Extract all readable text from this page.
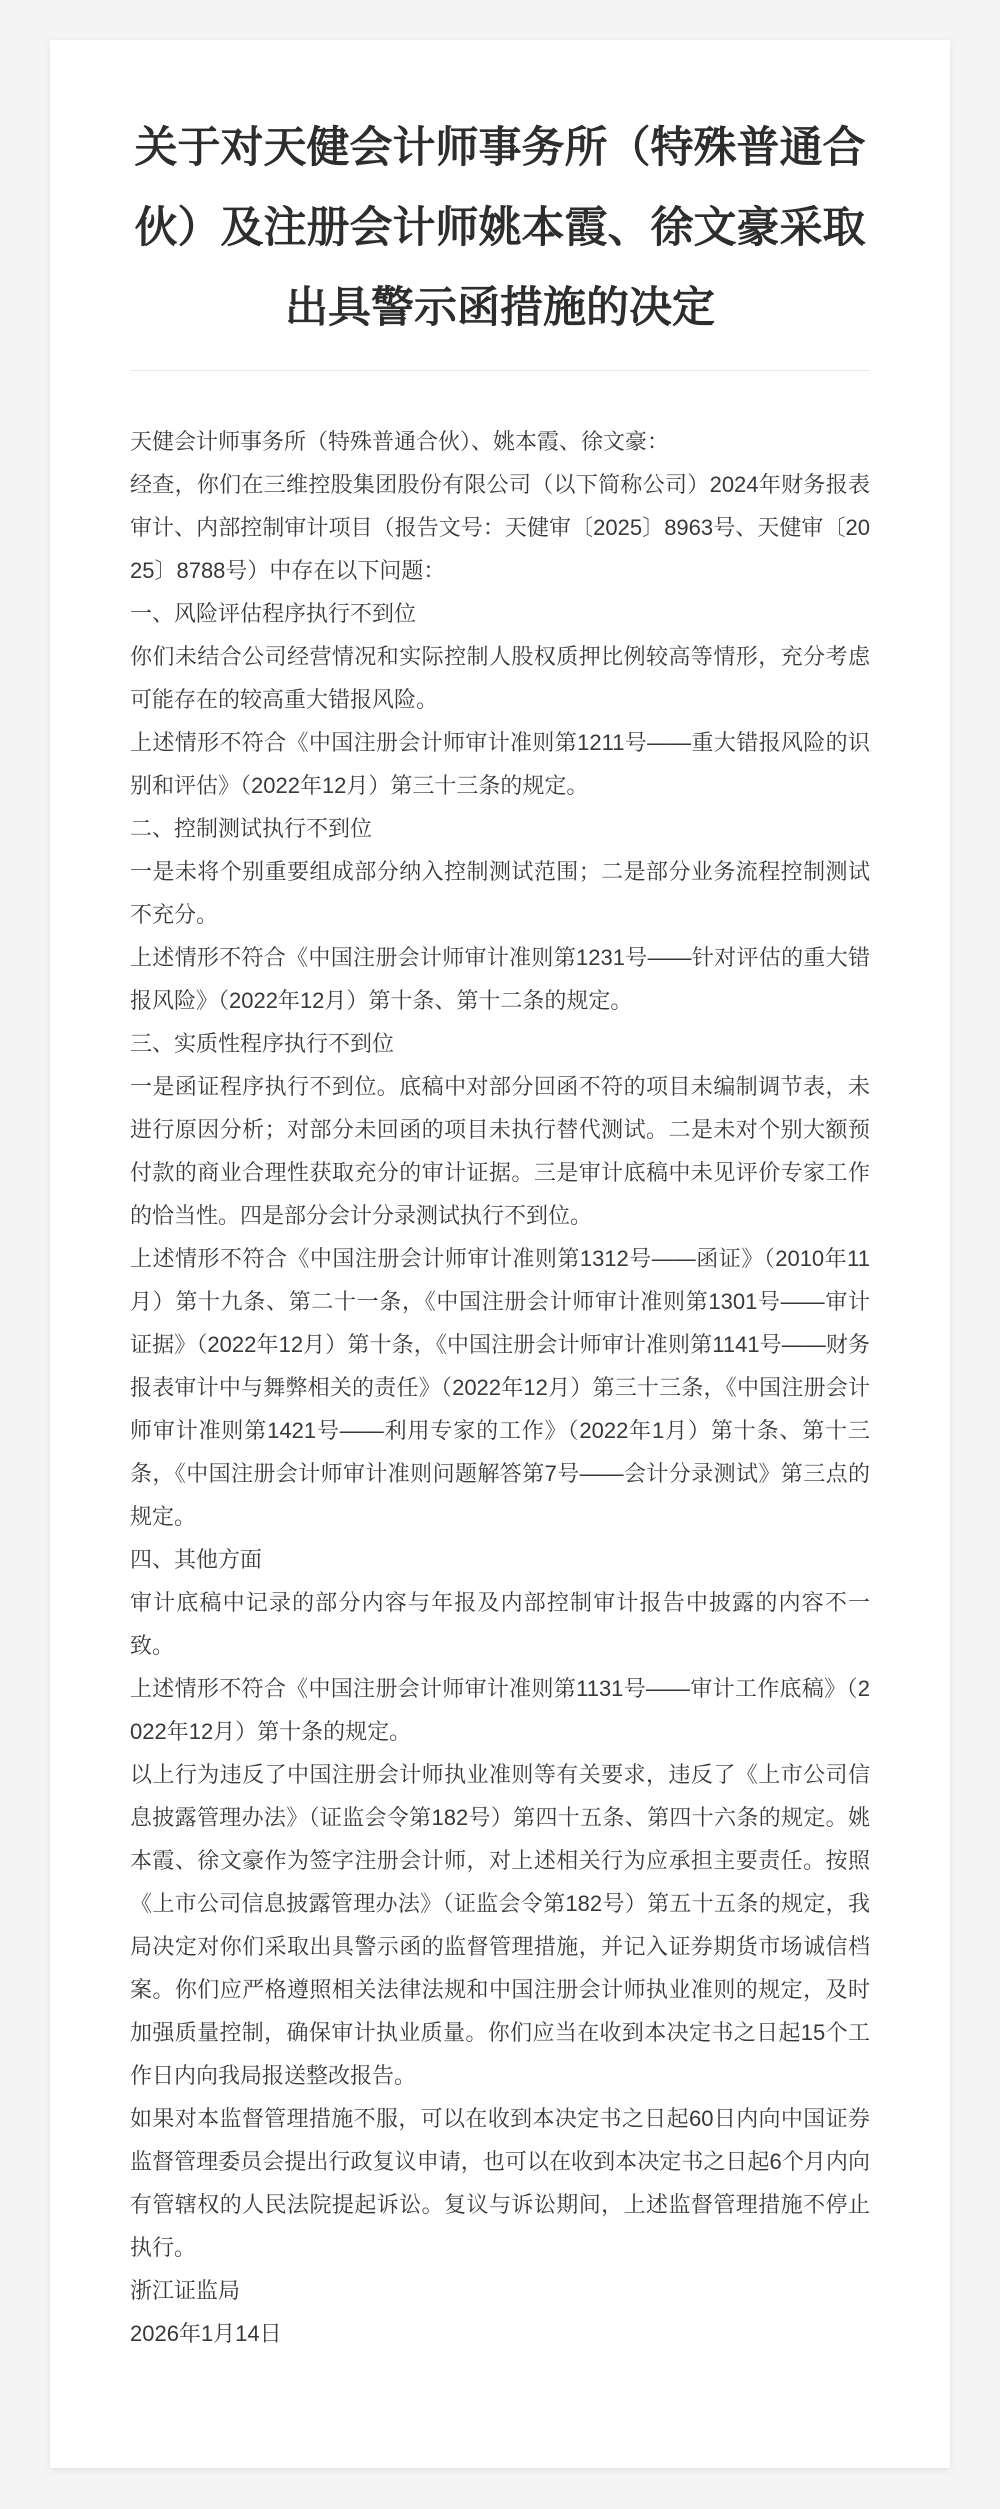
关于对天健会计师事务所（特殊普通合伙）及注册会计师姚本霞、徐文豪采取出具警示函措施的决定

天健会计师事务所（特殊普通合伙）、姚本霞、徐文豪：

经查，你们在三维控股集团股份有限公司（以下简称公司）2024年财务报表审计、内部控制审计项目（报告文号：天健审〔2025〕8963号、天健审〔2025〕8788号）中存在以下问题：

一、风险评估程序执行不到位

你们未结合公司经营情况和实际控制人股权质押比例较高等情形，充分考虑可能存在的较高重大错报风险。

上述情形不符合《中国注册会计师审计准则第1211号——重大错报风险的识别和评估》（2022年12月）第三十三条的规定。

二、控制测试执行不到位

一是未将个别重要组成部分纳入控制测试范围；二是部分业务流程控制测试不充分。

上述情形不符合《中国注册会计师审计准则第1231号——针对评估的重大错报风险》（2022年12月）第十条、第十二条的规定。

三、实质性程序执行不到位

一是函证程序执行不到位。底稿中对部分回函不符的项目未编制调节表，未进行原因分析；对部分未回函的项目未执行替代测试。二是未对个别大额预付款的商业合理性获取充分的审计证据。三是审计底稿中未见评价专家工作的恰当性。四是部分会计分录测试执行不到位。

上述情形不符合《中国注册会计师审计准则第1312号——函证》（2010年11月）第十九条、第二十一条，《中国注册会计师审计准则第1301号——审计证据》（2022年12月）第十条，《中国注册会计师审计准则第1141号——财务报表审计中与舞弊相关的责任》（2022年12月）第三十三条，《中国注册会计师审计准则第1421号——利用专家的工作》（2022年1月）第十条、第十三条，《中国注册会计师审计准则问题解答第7号——会计分录测试》第三点的规定。

四、其他方面

审计底稿中记录的部分内容与年报及内部控制审计报告中披露的内容不一致。

上述情形不符合《中国注册会计师审计准则第1131号——审计工作底稿》（2022年12月）第十条的规定。

以上行为违反了中国注册会计师执业准则等有关要求，违反了《上市公司信息披露管理办法》（证监会令第182号）第四十五条、第四十六条的规定。姚本霞、徐文豪作为签字注册会计师，对上述相关行为应承担主要责任。按照《上市公司信息披露管理办法》（证监会令第182号）第五十五条的规定，我局决定对你们采取出具警示函的监督管理措施，并记入证券期货市场诚信档案。你们应严格遵照相关法律法规和中国注册会计师执业准则的规定，及时加强质量控制，确保审计执业质量。你们应当在收到本决定书之日起15个工作日内向我局报送整改报告。

如果对本监督管理措施不服，可以在收到本决定书之日起60日内向中国证券监督管理委员会提出行政复议申请，也可以在收到本决定书之日起6个月内向有管辖权的人民法院提起诉讼。复议与诉讼期间，上述监督管理措施不停止执行。

浙江证监局

2026年1月14日
